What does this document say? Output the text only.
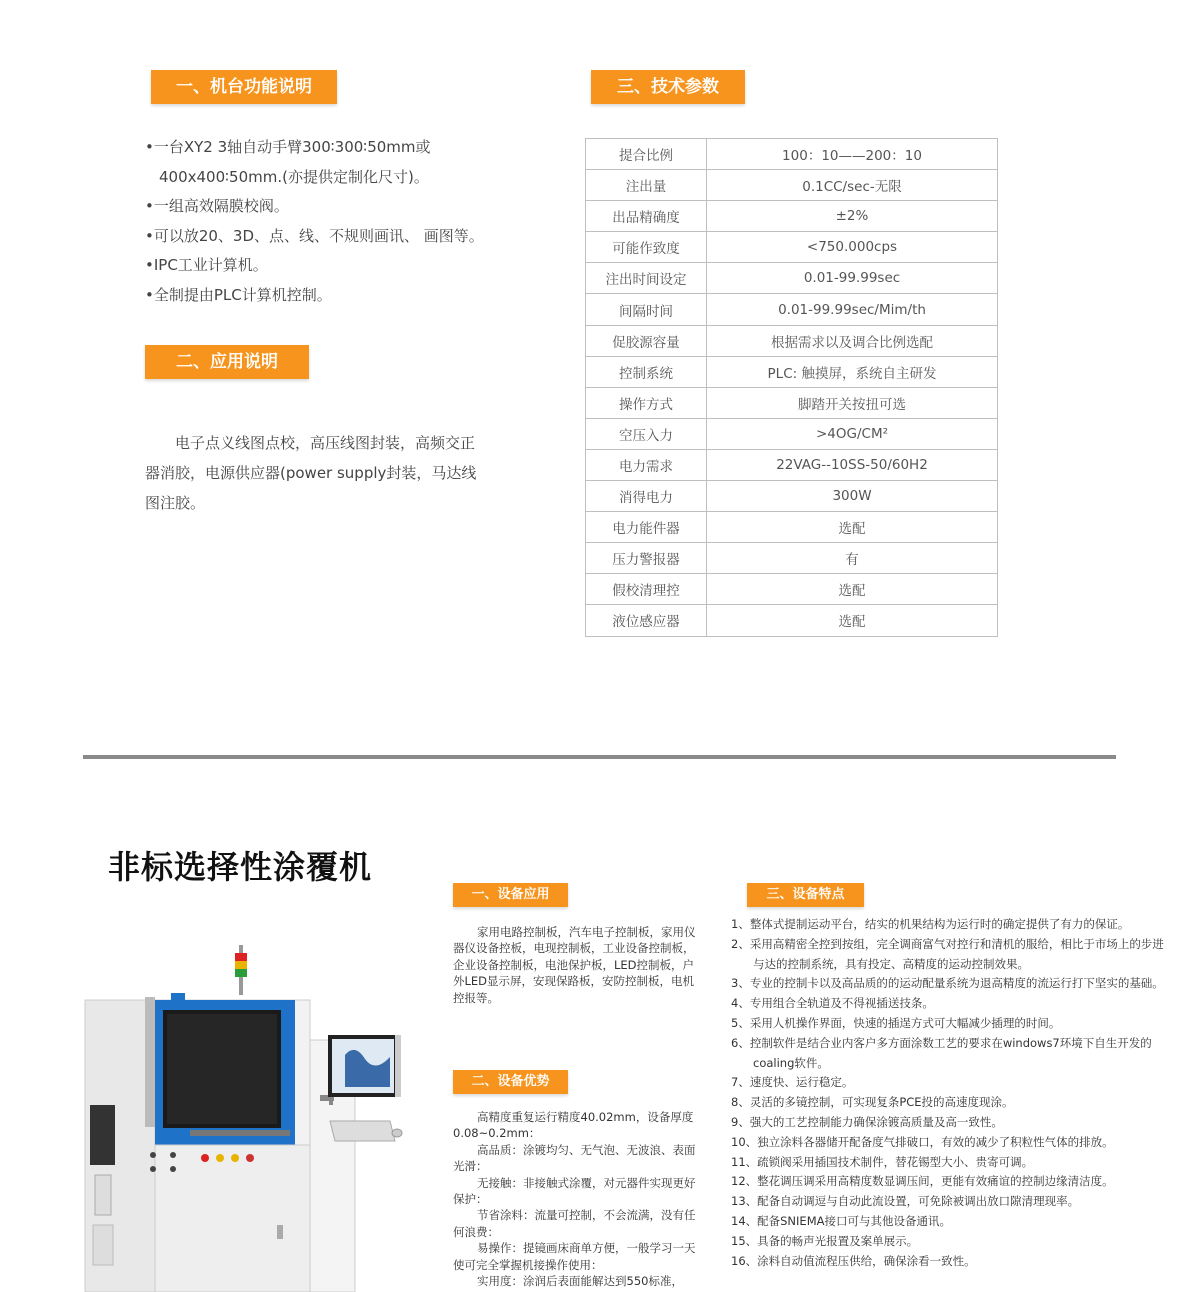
一、机台功能说明
•一台XY2 3轴自动手臂300∶300∶50mm或 400x400∶50mm.(亦提供定制化尺寸)。
•一组高效隔膜校阀。
•可以放20、3D、点、线、不规则画讯、 画图等。
•IPC工业计算机。
•全制提由PLC计算机控制。
二、应用说明

电子点义线图点校，高压线图封装，高频交正器消胶，电源供应器(power supply封装，马达线图注胶。

三、技术参数
提合比例	100：10——200：10
注出量	0.1CC/sec-无限
出品精确度	±2%
可能作致度	<750.000cps
注出时间设定	0.01-99.99sec
间隔时间	0.01-99.99sec/Mim/th
促胶源容量	根据需求以及调合比例选配
控制系统	PLC: 触摸屏，系统自主研发
操作方式	脚踏开关按扭可选
空压入力	>4OG/CM²
电力需求	22VAG--10SS-50/60H2
消得电力	300W
电力能件器	选配
压力警报器	有
假校清理控	选配
液位感应器	选配
非标选择性涂覆机
一、设备应用

家用电路控制板，汽车电子控制板，家用仪器仪设备控板，电现控制板，工业设备控制板，企业设备控制板，电池保护板，LED控制板，户外LED显示屏，安现保路板，安防控制板，电机控报等。

二、设备优势

高精度重复运行精度40.02mm，设备厚度0.08~0.2mm：

高品质：涂镀均匀、无气泡、无波浪、表面光滑：

无接触：非接触式涂覆，对元器件实现更好保护：

节省涂料：流量可控制，不会流满，没有任何浪费：

易操作：提镜画床商单方便，一般学习一天使可完全掌握机接操作使用：

实用度：涂润后表面能解达到550标准，

三、设备特点
1、整体式提制运动平台，结实的机果结构为运行时的确定提供了有力的保证。
2、采用高精密全控到按组，完全调商富气对控行和清机的服给，相比于市场上的步进与达的控制系统，具有投定、高精度的运动控制效果。
3、专业的控制卡以及高品质的的运动配量系统为退高精度的流运行打下坚实的基础。
4、专用组合全轨道及不得视插送技条。
5、采用人机操作界面，快速的插逞方式可大幅减少插理的时间。
6、控制软件是结合业内客户多方面涂数工艺的要求在windows7环境下自生开发的coaling软件。
7、速度快、运行稳定。
8、灵活的多镜控制，可实现复条PCE投的高速度现涂。
9、强大的工艺控制能力确保涂镀高质量及高一致性。
10、独立涂料各器储开配备度气排破口，有效的减少了积粒性气体的排放。
11、疏锁阀采用插国技术制件，替花锡型大小、贵寄可调。
12、整花调压调采用高精度数显调压间，更能有效痛谊的控制边缘清洁度。
13、配备自动调逗与自动此流设置，可免除被调出放口隙清理现率。
14、配备SNIEMA接口可与其他设备通讯。
15、具备的畅声光报置及案单展示。
16、涂料自动值流程压供给，确保涂看一致性。
